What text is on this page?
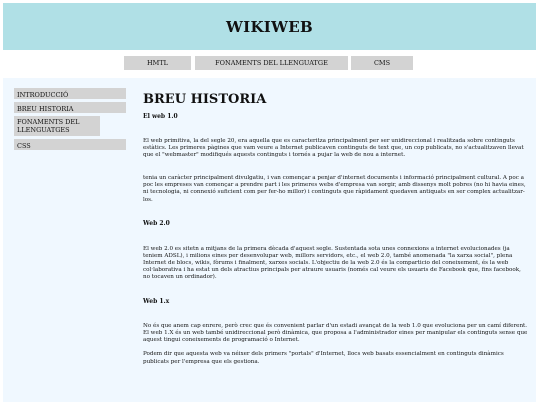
WIKIWEB
HMTL	FONAMENTS DEL LLENGUATGE	CMS
INTRODUCCIÓ
BREU HISTORIA
FONAMENTS DEL LLENGUATGES
CSS
BREU HISTORIA
El web 1.0

El web primitiva, la del segle 20, era aquella que es caracteritza principalment per ser unidireccional i realitzada sobre continguts estàtics. Les primeres pàgines que vam veure a Internet publicaven continguts de text que, un cop publicats, no s'actualitzaven llevat que el "webmaster" modifiqués aquests continguts i tornés a pujar la web de nou a internet.

tenia un caràcter principalment divulgatiu, i van començar a penjar d'internet documents i informació principalment cultural. A poc a poc les empreses van començar a prendre part i les primeres webs d'empresa van sorgir, amb dissenys molt pobres (no hi havia eines, ni tecnologia, ni connexió suficient com per fer-ho millor) i continguts que ràpidament quedaven antiquats en ser complex actualitzar-los.

Web 2.0

El web 2.0 es sitetn a mitjans de la primera dècada d'aquest segle. Sustentada sota unes connexions a internet evolucionades (ja teniem ADSL), i milions eines per desenvolupar web, millors servidors, etc., el web 2.0, també anomenada "la xarxa social", plena Internet de blocs, wikis, fòrums i finalment, xarxes socials. L'objectiu de la web 2.0 és la comparticio del coneixement, és la web col·laborativa i ha estat un dels atractius principals per atraure usuaris (només cal veure els usuaris de Facebook que, fins facebook, no tocaven un ordinador).

Web 1.x

No és que anem cap enrere, però crec que és convenient parlar d'un estadi avançat de la web 1.0 que evoluciona per un camí diferent. El web 1.X és un web també unidireccional però dinàmica, que proposa a l'administrador eines per manipular els continguts sense que aquest tingui coneixements de programació o Internet.

Podem dir que aquesta web va néixer dels primers "portals" d'Internet, llocs web basats essencialment en continguts dinàmics publicats per l'empresa que els gestiona.
